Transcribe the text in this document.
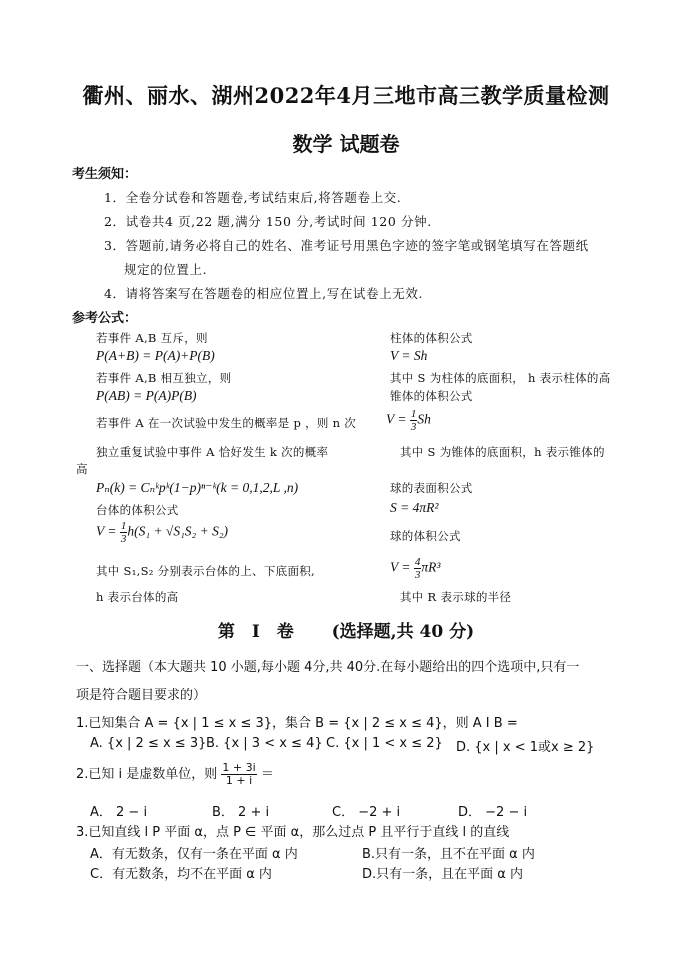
衢州、丽水、湖州2022年4月三地市高三教学质量检测
数学 试题卷
考生须知：
1．全卷分试卷和答题卷,考试结束后,将答题卷上交.
2．试卷共4 页,22 题,满分 150 分,考试时间 120 分钟.
3．答题前,请务必将自己的姓名、准考证号用黑色字迹的签字笔或钢笔填写在答题纸
规定的位置上.
4．请将答案写在答题卷的相应位置上,写在试卷上无效.
参考公式：
若事件 A,B 互斥，则
P(A+B) = P(A)+P(B)
若事件 A,B 相互独立，则
P(AB) = P(A)P(B)
若事件 A 在一次试验中发生的概率是 p ，则 n 次
独立重复试验中事件 A 恰好发生 k 次的概率
高
Pₙ(k) = Cₙᵏpᵏ(1−p)ⁿ⁻ᵏ(k = 0,1,2,L ,n)
台体的体积公式
$V = \frac{1}{3} h(S_1 + √S_1S_2 + S_2)$
其中 S₁,S₂ 分别表示台体的上、下底面积,
h 表示台体的高
柱体的体积公式
V = Sh
其中 S 为柱体的底面积， h 表示柱体的高
锥体的体积公式
$V = \frac{1}{3}$ Sh
其中 S 为锥体的底面积，h 表示锥体的
球的表面积公式
S = 4πR²
球的体积公式
$V = \frac{4}{3} \pi R^3$
其中 R 表示球的半径
第　Ⅰ　卷 (选择题,共 40 分)
一、选择题（本大题共 10 小题,每小题 4分,共 40分.在每小题给出的四个选项中,只有一
项是符合题目要求的）
1.已知集合 A = {x | 1 ≤ x ≤ 3}，集合 B = {x | 2 ≤ x ≤ 4}，则 A I B =
A. {x | 2 ≤ x ≤ 3} B. {x | 3 < x ≤ 4} C. {x | 1 < x ≤ 2} D. {x | x < 1或x ≥ 2}
2.已知 i 是虚数单位，则 $\frac{1 + 3i}{1 + i}$ ＝
A． 2 − i	B． 2 + i	C． −2 + i	D． −2 − i
3.已知直线 l P 平面 α，点 P ∈ 平面 α，那么过点 P 且平行于直线 l 的直线
A．有无数条，仅有一条在平面 α 内	B.只有一条，且不在平面 α 内
C．有无数条，均不在平面 α 内	D.只有一条，且在平面 α 内
